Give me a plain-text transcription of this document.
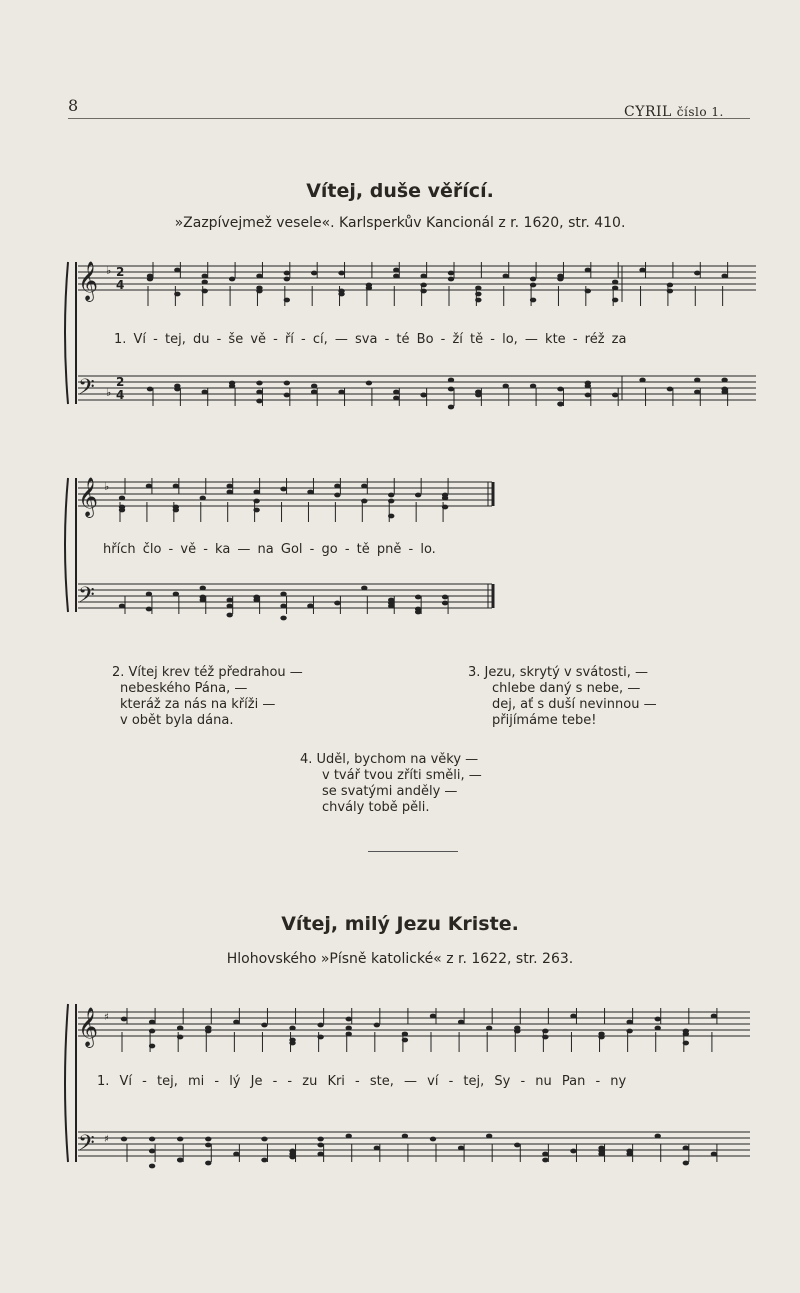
8	CYRIL číslo 1.
Vítej, duše věřící.
»Zazpívejmež vesele«. Karlsperkův Kancionál z r. 1620, str. 410.
𝄞
𝄢
♭
♭
2
4
2
4
1. Ví - tej, du - še vě - ří - cí, — sva - té Bo - ží tě - lo, — kte - réž za
𝄞
𝄢
♭
hřích člo - vě - ka — na Gol - go - tě pně - lo.
2. Vítej krev též předrahou —
nebeského Pána, —
kteráž za nás na kříži —
v obět byla dána.
3. Jezu, skrytý v svátosti, —
chlebe daný s nebe, —
dej, ať s duší nevinnou —
přijímáme tebe!
4. Uděl, bychom na věky —
v tvář tvou zříti směli, —
se svatými anděly —
chvály tobě pěli.
Vítej, milý Jezu Kriste.
Hlohovského »Písně katolické« z r. 1622, str. 263.
𝄞
𝄢
♯
♯
1. Ví - tej, mi - lý Je - - zu Kri - ste, — ví - tej, Sy - nu Pan - ny
